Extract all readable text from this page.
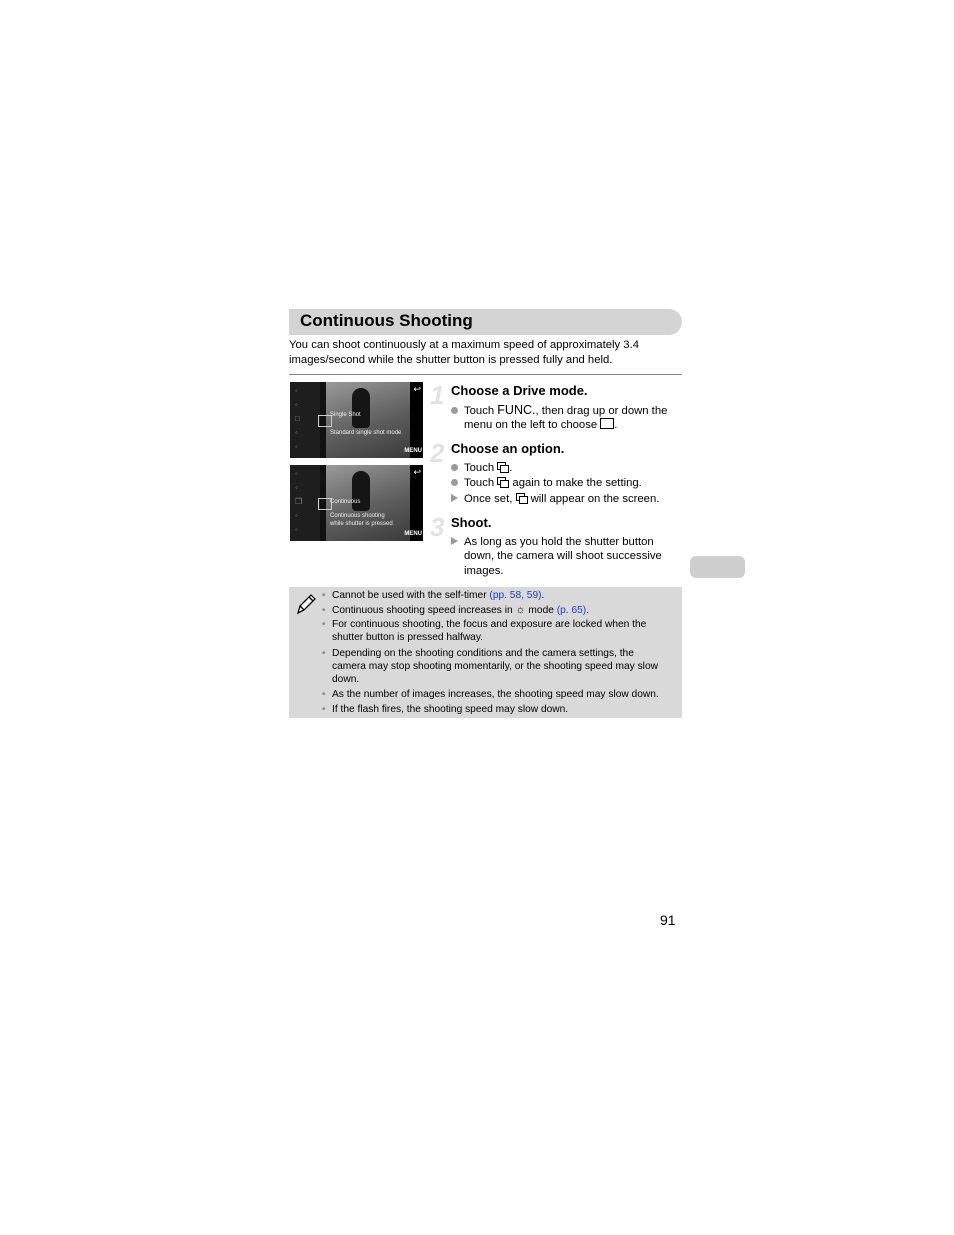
Continuous Shooting
You can shoot continuously at a maximum speed of approximately 3.4
images/second while the shutter button is pressed fully and held.
◦
◦
□
◦
◦
Single Shot
Standard single shot mode
↩
MENU
◦
◦
❐
◦
◦
Continuous
Continuous shooting
while shutter is pressed
↩
MENU
1 Choose a Drive mode.
Touch FUNC., then drag up or down the
menu on the left to choose .
2 Choose an option.
Touch
.
Touch
again to make the setting.
Once set,
will appear on the screen.
3 Shoot.
As long as you hold the shutter button
down, the camera will shoot successive
images.
• Cannot be used with the self-timer (pp. 58, 59).
• Continuous shooting speed increases in ☼ mode (p. 65).
• For continuous shooting, the focus and exposure are locked when the
shutter button is pressed halfway.
• Depending on the shooting conditions and the camera settings, the
camera may stop shooting momentarily, or the shooting speed may slow
down.
• As the number of images increases, the shooting speed may slow down.
• If the flash fires, the shooting speed may slow down.
91
